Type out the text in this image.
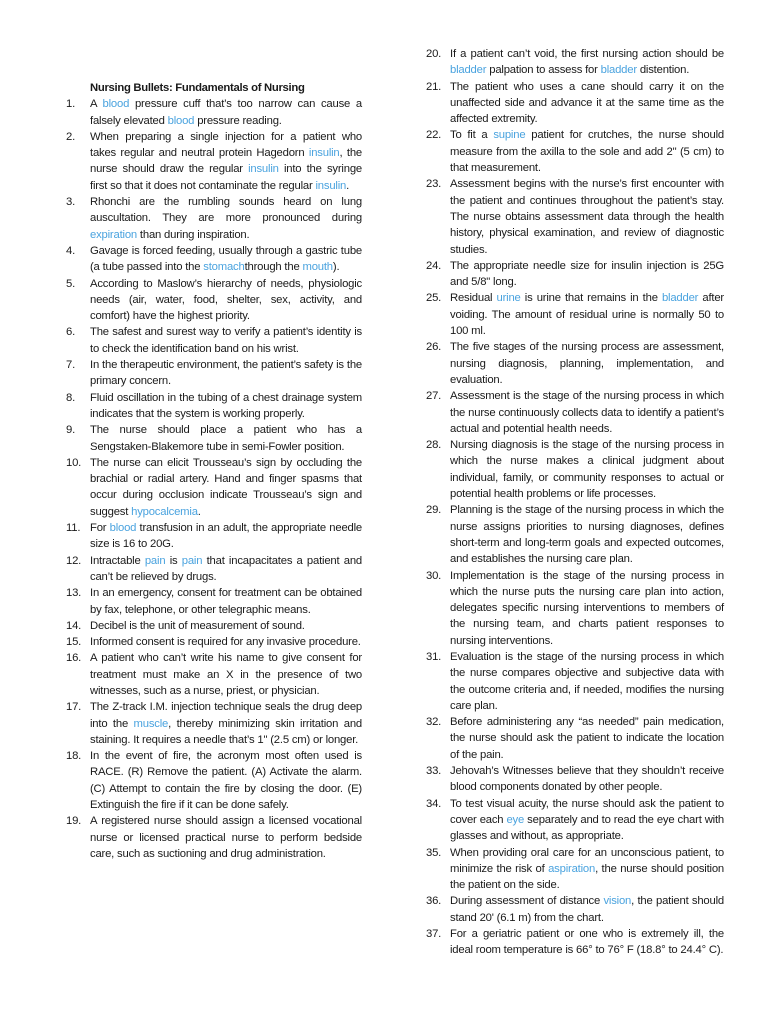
Nursing Bullets: Fundamentals of Nursing
1.	A blood pressure cuff that’s too narrow can cause a falsely elevated blood pressure reading.
2.	When preparing a single injection for a patient who takes regular and neutral protein Hagedorn insulin, the nurse should draw the regular insulin into the syringe first so that it does not contaminate the regular insulin.
3.	Rhonchi are the rumbling sounds heard on lung auscultation. They are more pronounced during expiration than during inspiration.
4.	Gavage is forced feeding, usually through a gastric tube (a tube passed into the stomachthrough the mouth).
5.	According to Maslow’s hierarchy of needs, physiologic needs (air, water, food, shelter, sex, activity, and comfort) have the highest priority.
6.	The safest and surest way to verify a patient’s identity is to check the identification band on his wrist.
7.	In the therapeutic environment, the patient’s safety is the primary concern.
8.	Fluid oscillation in the tubing of a chest drainage system indicates that the system is working properly.
9.	The nurse should place a patient who has a Sengstaken-Blakemore tube in semi-Fowler position.
10. The nurse can elicit Trousseau’s sign by occluding the brachial or radial artery. Hand and finger spasms that occur during occlusion indicate Trousseau’s sign and suggest hypocalcemia.
11. For blood transfusion in an adult, the appropriate needle size is 16 to 20G.
12. Intractable pain is pain that incapacitates a patient and can’t be relieved by drugs.
13. In an emergency, consent for treatment can be obtained by fax, telephone, or other telegraphic means.
14. Decibel is the unit of measurement of sound.
15. Informed consent is required for any invasive procedure.
16. A patient who can’t write his name to give consent for treatment must make an X in the presence of two witnesses, such as a nurse, priest, or physician.
17. The Z-track I.M. injection technique seals the drug deep into the muscle, thereby minimizing skin irritation and staining. It requires a needle that’s 1" (2.5 cm) or longer.
18. In the event of fire, the acronym most often used is RACE. (R) Remove the patient. (A) Activate the alarm. (C) Attempt to contain the fire by closing the door. (E) Extinguish the fire if it can be done safely.
19. A registered nurse should assign a licensed vocational nurse or licensed practical nurse to perform bedside care, such as suctioning and drug administration.
20. If a patient can’t void, the first nursing action should be bladder palpation to assess for bladder distention.
21. The patient who uses a cane should carry it on the unaffected side and advance it at the same time as the affected extremity.
22. To fit a supine patient for crutches, the nurse should measure from the axilla to the sole and add 2" (5 cm) to that measurement.
23. Assessment begins with the nurse’s first encounter with the patient and continues throughout the patient’s stay. The nurse obtains assessment data through the health history, physical examination, and review of diagnostic studies.
24. The appropriate needle size for insulin injection is 25G and 5/8" long.
25. Residual urine is urine that remains in the bladder after voiding. The amount of residual urine is normally 50 to 100 ml.
26. The five stages of the nursing process are assessment, nursing diagnosis, planning, implementation, and evaluation.
27. Assessment is the stage of the nursing process in which the nurse continuously collects data to identify a patient’s actual and potential health needs.
28. Nursing diagnosis is the stage of the nursing process in which the nurse makes a clinical judgment about individual, family, or community responses to actual or potential health problems or life processes.
29. Planning is the stage of the nursing process in which the nurse assigns priorities to nursing diagnoses, defines short-term and long-term goals and expected outcomes, and establishes the nursing care plan.
30. Implementation is the stage of the nursing process in which the nurse puts the nursing care plan into action, delegates specific nursing interventions to members of the nursing team, and charts patient responses to nursing interventions.
31. Evaluation is the stage of the nursing process in which the nurse compares objective and subjective data with the outcome criteria and, if needed, modifies the nursing care plan.
32. Before administering any “as needed” pain medication, the nurse should ask the patient to indicate the location of the pain.
33. Jehovah’s Witnesses believe that they shouldn’t receive blood components donated by other people.
34. To test visual acuity, the nurse should ask the patient to cover each eye separately and to read the eye chart with glasses and without, as appropriate.
35. When providing oral care for an unconscious patient, to minimize the risk of aspiration, the nurse should position the patient on the side.
36. During assessment of distance vision, the patient should stand 20' (6.1 m) from the chart.
37. For a geriatric patient or one who is extremely ill, the ideal room temperature is 66° to 76° F (18.8° to 24.4° C).
